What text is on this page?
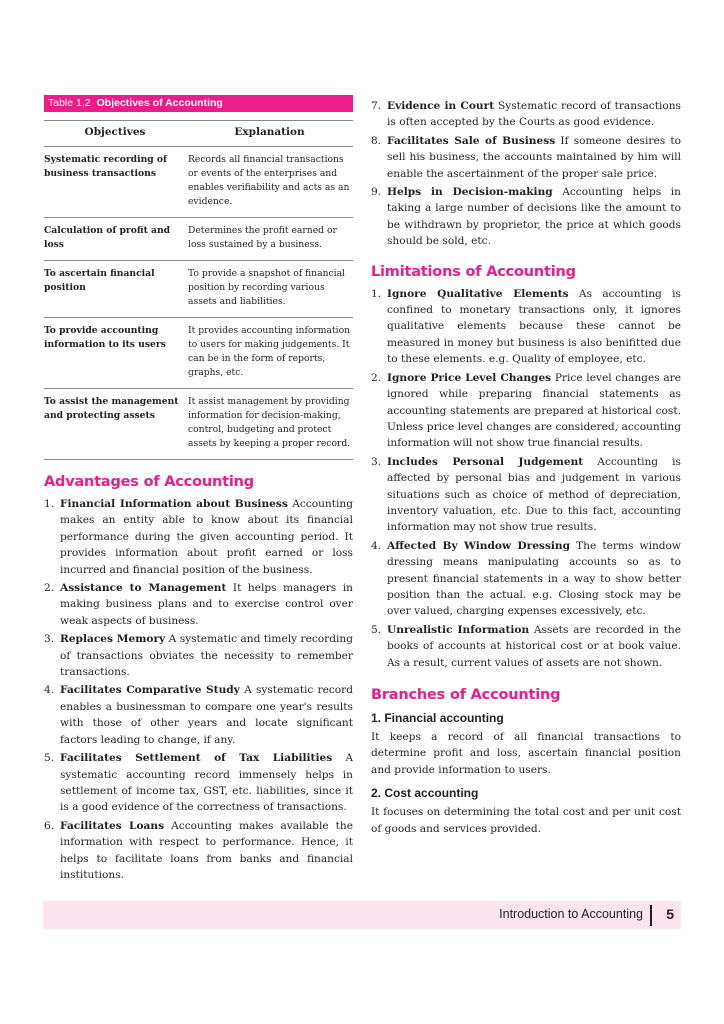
Table 1.2 Objectives of Accounting
Objectives	Explanation
Systematic recording of business transactions	Records all financial transactions or events of the enterprises and enables verifiability and acts as an evidence.
Calculation of profit and loss	Determines the profit earned or loss sustained by a business.
To ascertain financial position	To provide a snapshot of financial position by recording various assets and liabilities.
To provide accounting information to its users	It provides accounting information to users for making judgements. It can be in the form of reports, graphs, etc.
To assist the management and protecting assets	It assist management by providing information for decision-making, control, budgeting and protect assets by keeping a proper record.
Advantages of Accounting
1. Financial Information about Business Accounting makes an entity able to know about its financial performance during the given accounting period. It provides information about profit earned or loss incurred and financial position of the business.
2. Assistance to Management It helps managers in making business plans and to exercise control over weak aspects of business.
3. Replaces Memory A systematic and timely recording of transactions obviates the necessity to remember transactions.
4. Facilitates Comparative Study A systematic record enables a businessman to compare one year's results with those of other years and locate significant factors leading to change, if any.
5. Facilitates Settlement of Tax Liabilities A systematic accounting record immensely helps in settlement of income tax, GST, etc. liabilities, since it is a good evidence of the correctness of transactions.
6. Facilitates Loans Accounting makes available the information with respect to performance. Hence, it helps to facilitate loans from banks and financial institutions.
7. Evidence in Court Systematic record of transactions is often accepted by the Courts as good evidence.
8. Facilitates Sale of Business If someone desires to sell his business, the accounts maintained by him will enable the ascertainment of the proper sale price.
9. Helps in Decision-making Accounting helps in taking a large number of decisions like the amount to be withdrawn by proprietor, the price at which goods should be sold, etc.
Limitations of Accounting
1. Ignore Qualitative Elements As accounting is confined to monetary transactions only, it ignores qualitative elements because these cannot be measured in money but business is also benifitted due to these elements. e.g. Quality of employee, etc.
2. Ignore Price Level Changes Price level changes are ignored while preparing financial statements as accounting statements are prepared at historical cost. Unless price level changes are considered, accounting information will not show true financial results.
3. Includes Personal Judgement Accounting is affected by personal bias and judgement in various situations such as choice of method of depreciation, inventory valuation, etc. Due to this fact, accounting information may not show true results.
4. Affected By Window Dressing The terms window dressing means manipulating accounts so as to present financial statements in a way to show better position than the actual. e.g. Closing stock may be over valued, charging expenses excessively, etc.
5. Unrealistic Information Assets are recorded in the books of accounts at historical cost or at book value. As a result, current values of assets are not shown.
Branches of Accounting
1. Financial accounting

It keeps a record of all financial transactions to determine profit and loss, ascertain financial position and provide information to users.

2. Cost accounting

It focuses on determining the total cost and per unit cost of goods and services provided.

Introduction to Accounting 5
